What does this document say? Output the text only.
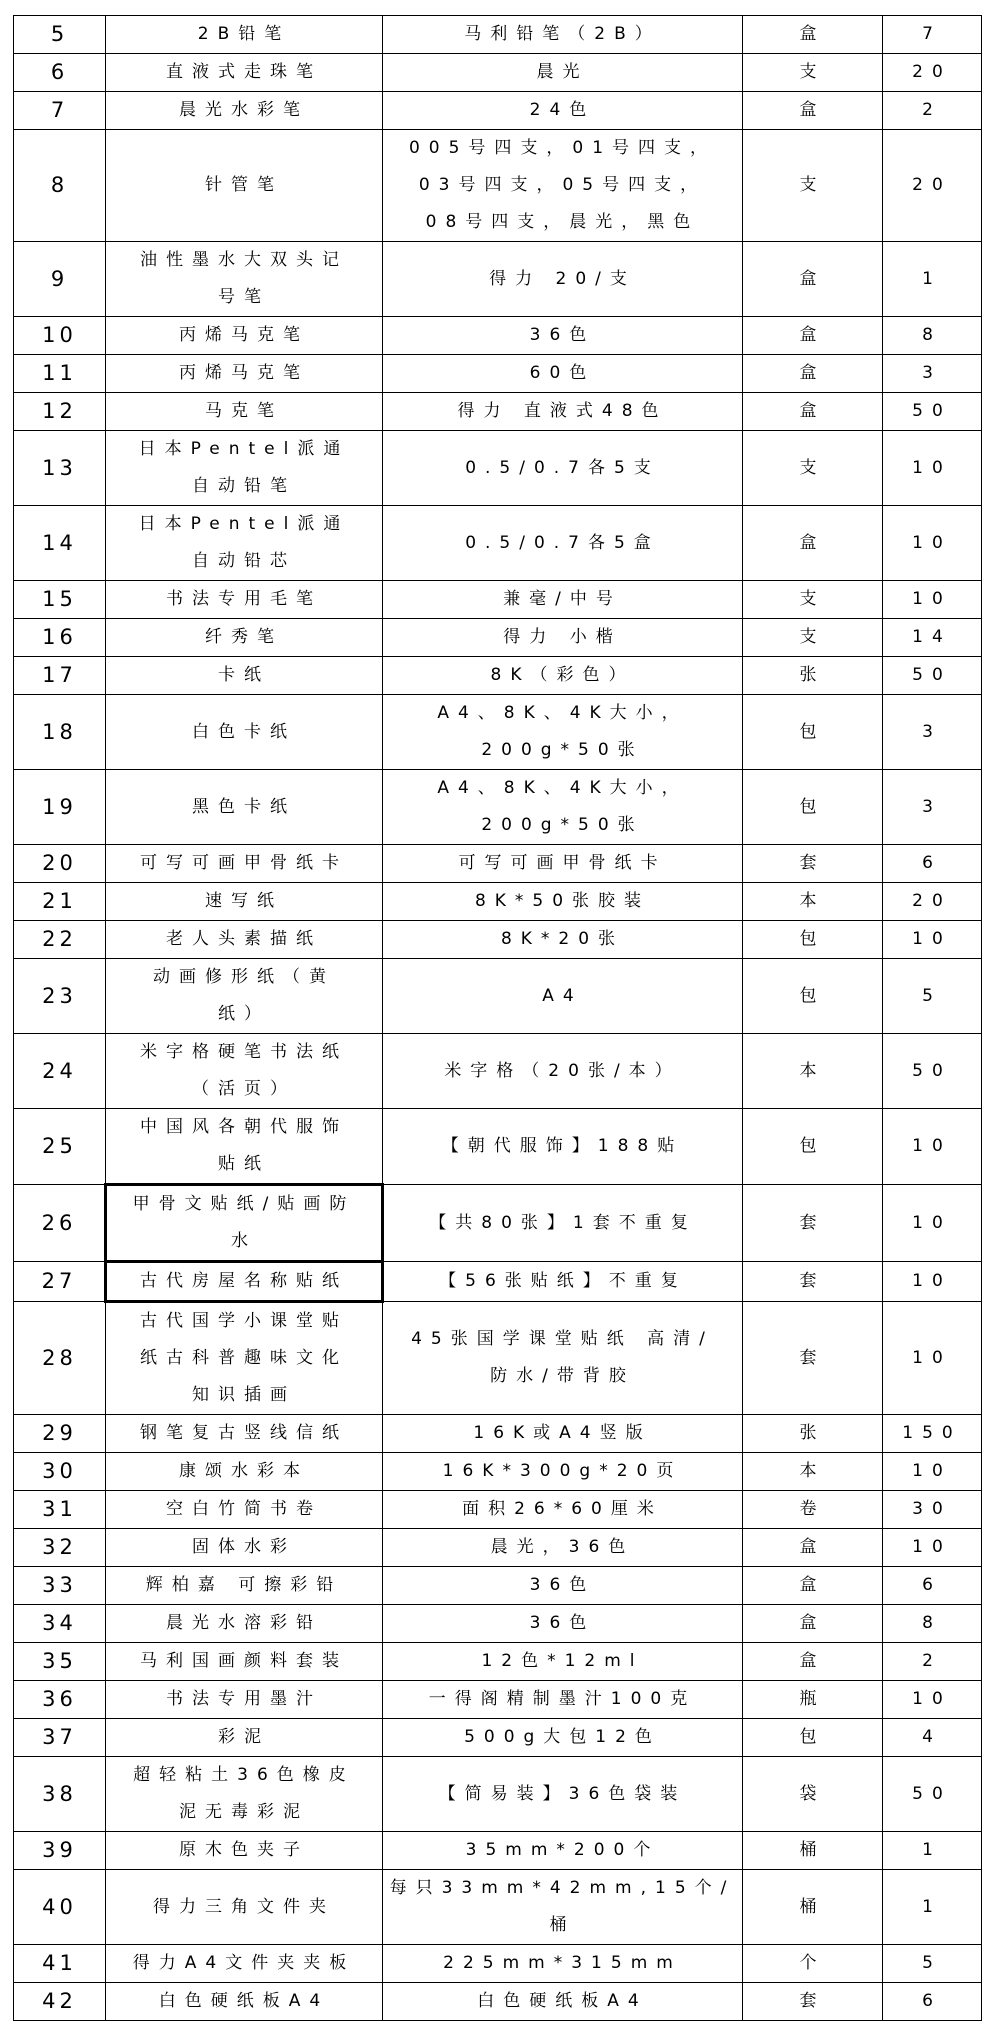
5	2B铅笔	马利铅笔（2B）	盒	7
6	直液式走珠笔	晨光	支	20
7	晨光水彩笔	24色	盒	2
8	针管笔	005号四支，01号四支，
03号四支，05号四支，
08号四支，晨光，黑色	支	20
9	油性墨水大双头记
号笔	得力 20/支	盒	1
10	丙烯马克笔	36色	盒	8
11	丙烯马克笔	60色	盒	3
12	马克笔	得力 直液式48色	盒	50
13	日本Pentel派通
自动铅笔	0.5/0.7各5支	支	10
14	日本Pentel派通
自动铅芯	0.5/0.7各5盒	盒	10
15	书法专用毛笔	兼毫/中号	支	10
16	纤秀笔	得力 小楷	支	14
17	卡纸	8K（彩色）	张	50
18	白色卡纸	A4、8K、4K大小，
200g*50张	包	3
19	黑色卡纸	A4、8K、4K大小，
200g*50张	包	3
20	可写可画甲骨纸卡	可写可画甲骨纸卡	套	6
21	速写纸	8K*50张胶装	本	20
22	老人头素描纸	8K*20张	包	10
23	动画修形纸（黄
纸）	A4	包	5
24	米字格硬笔书法纸
（活页）	米字格（20张/本）	本	50
25	中国风各朝代服饰
贴纸	【朝代服饰】188贴	包	10
26	甲骨文贴纸/贴画防
水	【共80张】1套不重复	套	10
27	古代房屋名称贴纸	【56张贴纸】不重复	套	10
28	古代国学小课堂贴
纸古科普趣味文化
知识插画	45张国学课堂贴纸 高清/
防水/带背胶	套	10
29	钢笔复古竖线信纸	16K或A4竖版	张	150
30	康颂水彩本	16K*300g*20页	本	10
31	空白竹简书卷	面积26*60厘米	卷	30
32	固体水彩	晨光，36色	盒	10
33	辉柏嘉 可擦彩铅	36色	盒	6
34	晨光水溶彩铅	36色	盒	8
35	马利国画颜料套装	12色*12ml	盒	2
36	书法专用墨汁	一得阁精制墨汁100克	瓶	10
37	彩泥	500g大包12色	包	4
38	超轻粘土36色橡皮
泥无毒彩泥	【简易装】36色袋装	袋	50
39	原木色夹子	35mm*200个	桶	1
40	得力三角文件夹	每只33mm*42mm,15个/
桶	桶	1
41	得力A4文件夹夹板	225mm*315mm	个	5
42	白色硬纸板A4	白色硬纸板A4	套	6
